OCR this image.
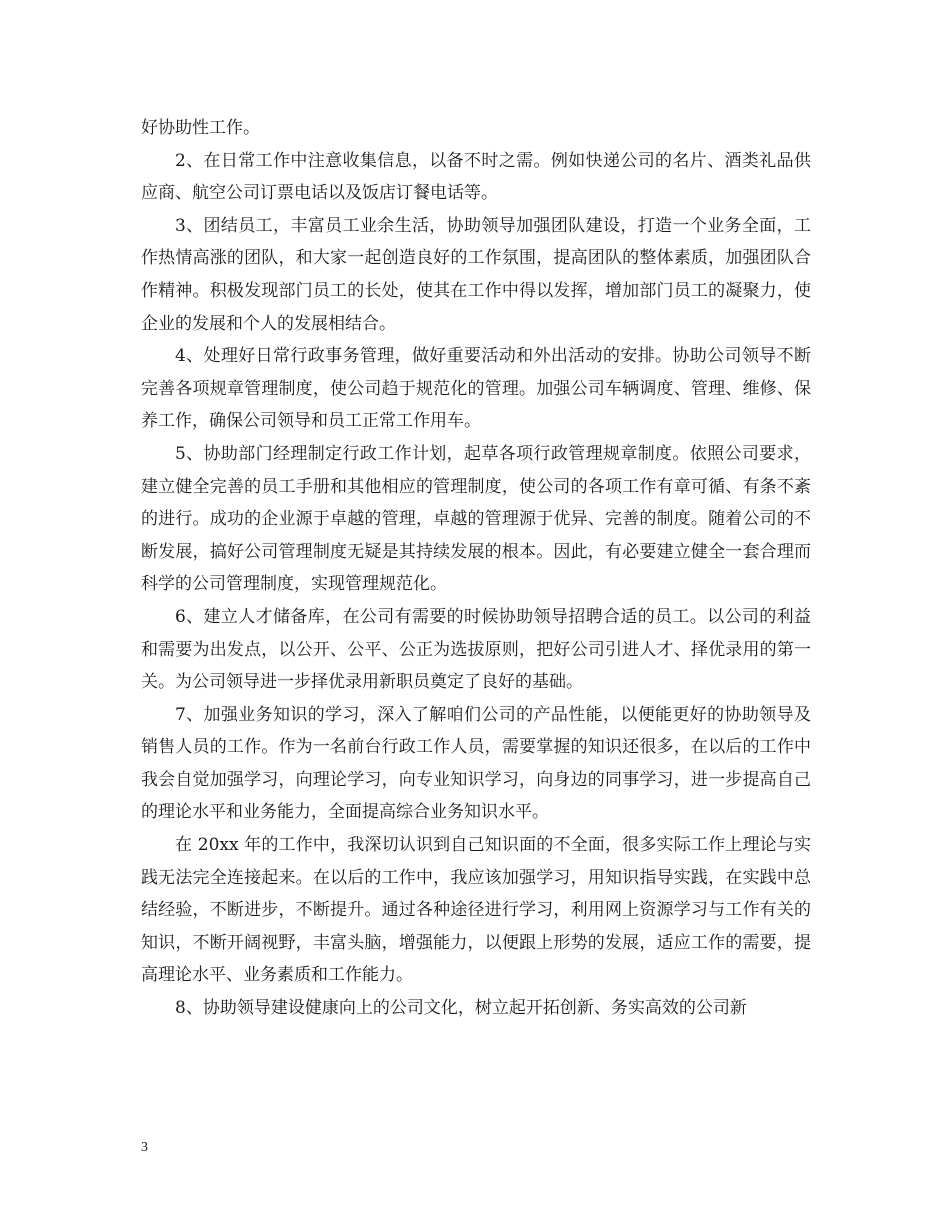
好协助性工作。

2、在日常工作中注意收集信息，以备不时之需。例如快递公司的名片、酒类礼品供应商、航空公司订票电话以及饭店订餐电话等。

3、团结员工，丰富员工业余生活，协助领导加强团队建设，打造一个业务全面，工作热情高涨的团队，和大家一起创造良好的工作氛围，提高团队的整体素质，加强团队合作精神。积极发现部门员工的长处，使其在工作中得以发挥，增加部门员工的凝聚力，使企业的发展和个人的发展相结合。

4、处理好日常行政事务管理，做好重要活动和外出活动的安排。协助公司领导不断完善各项规章管理制度，使公司趋于规范化的管理。加强公司车辆调度、管理、维修、保养工作，确保公司领导和员工正常工作用车。

5、协助部门经理制定行政工作计划，起草各项行政管理规章制度。依照公司要求，建立健全完善的员工手册和其他相应的管理制度，使公司的各项工作有章可循、有条不紊的进行。成功的企业源于卓越的管理，卓越的管理源于优异、完善的制度。随着公司的不断发展，搞好公司管理制度无疑是其持续发展的根本。因此，有必要建立健全一套合理而科学的公司管理制度，实现管理规范化。

6、建立人才储备库，在公司有需要的时候协助领导招聘合适的员工。以公司的利益和需要为出发点，以公开、公平、公正为选拔原则，把好公司引进人才、择优录用的第一关。为公司领导进一步择优录用新职员奠定了良好的基础。

7、加强业务知识的学习，深入了解咱们公司的产品性能，以便能更好的协助领导及销售人员的工作。作为一名前台行政工作人员，需要掌握的知识还很多，在以后的工作中我会自觉加强学习，向理论学习，向专业知识学习，向身边的同事学习，进一步提高自己的理论水平和业务能力，全面提高综合业务知识水平。

在 20xx 年的工作中，我深切认识到自己知识面的不全面，很多实际工作上理论与实践无法完全连接起来。在以后的工作中，我应该加强学习，用知识指导实践，在实践中总结经验，不断进步，不断提升。通过各种途径进行学习，利用网上资源学习与工作有关的知识，不断开阔视野，丰富头脑，增强能力，以便跟上形势的发展，适应工作的需要，提高理论水平、业务素质和工作能力。

8、协助领导建设健康向上的公司文化，树立起开拓创新、务实高效的公司新

3
